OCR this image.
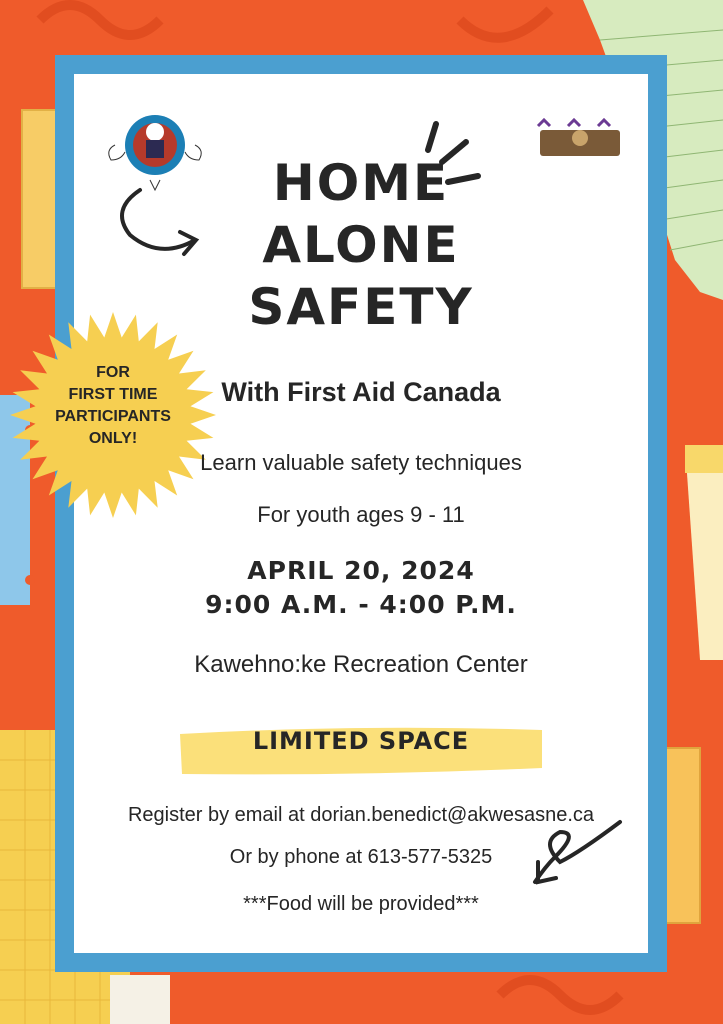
HOME
ALONE
SAFETY
With First Aid Canada
FOR
FIRST TIME
PARTICIPANTS
ONLY!
Learn valuable safety techniques
For youth ages 9 - 11
APRIL 20, 2024
9:00 A.M. - 4:00 P.M.
Kawehno:ke Recreation Center
LIMITED SPACE
Register by email at dorian.benedict@akwesasne.ca
Or by phone at 613-577-5325
***Food will be provided***
